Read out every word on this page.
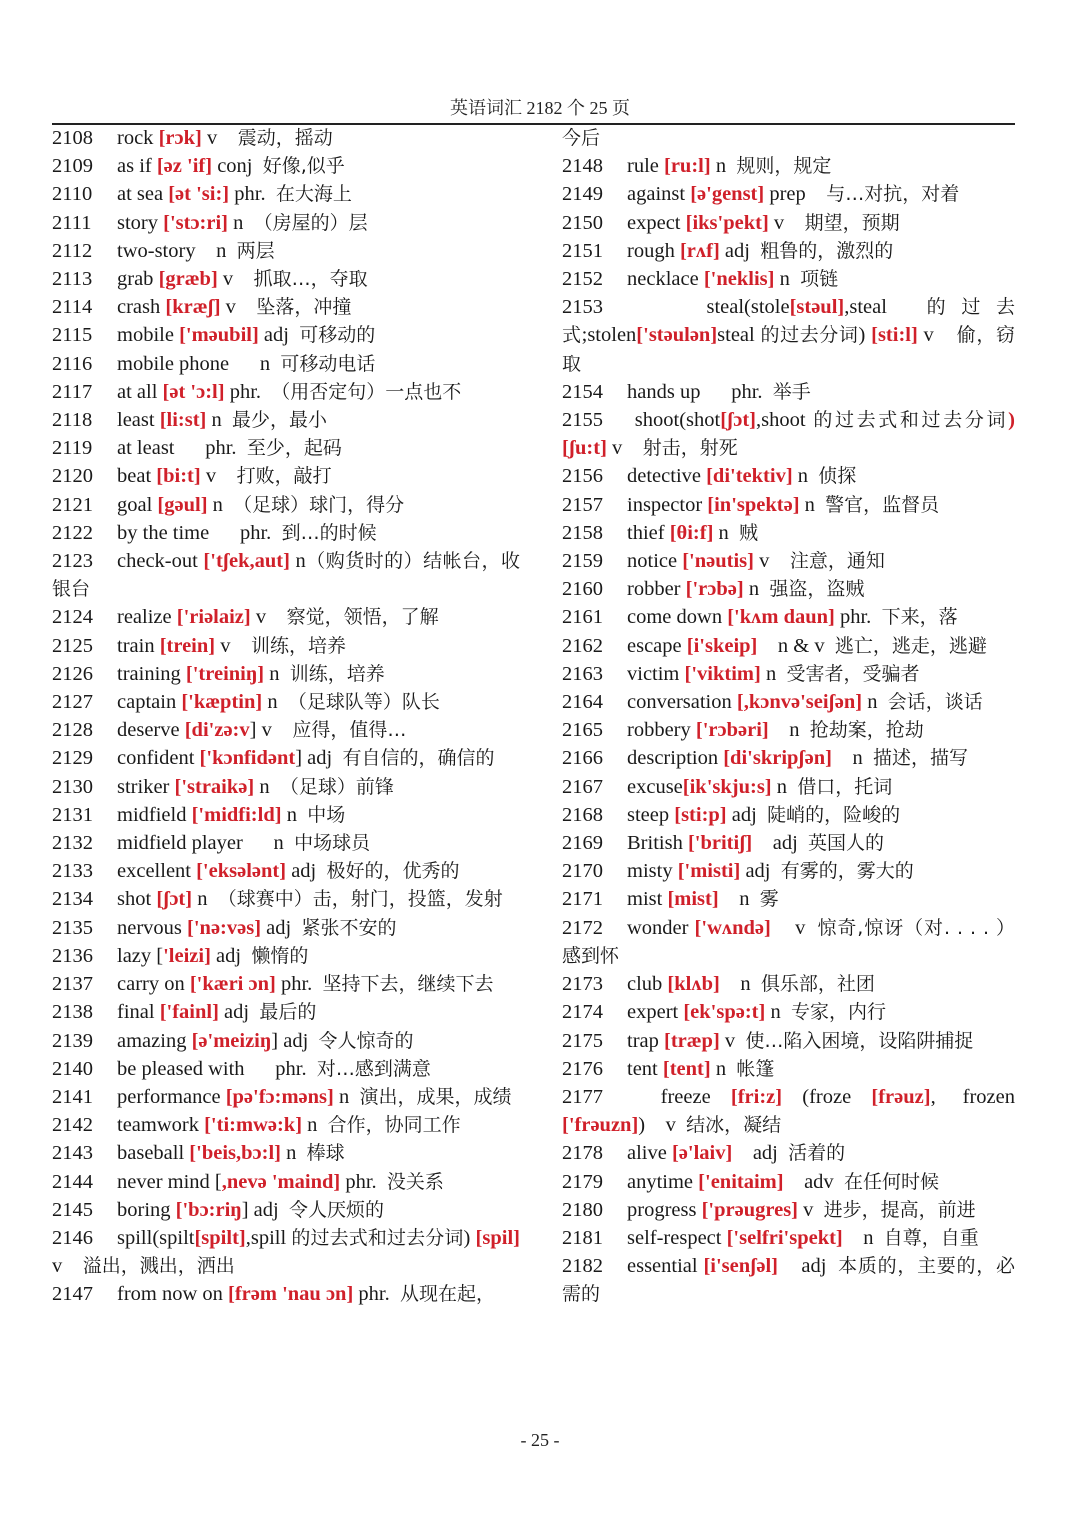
英语词汇 2182 个 25 页
2108 rock [rɔk] v    震动，摇动
2109 as if [əz 'if] conj  好像,似乎
2110 at sea [ət 'si:] phr.  在大海上
2111 story ['stɔ:ri] n  （房屋的）层
2112 two-story    n  两层
2113 grab [græb] v    抓取…，夺取
2114 crash [kræʃ] v    坠落，冲撞
2115 mobile ['məubil] adj  可移动的
2116 mobile phone      n  可移动电话
2117 at all [ət 'ɔ:l] phr.  （用否定句）一点也不
2118 least [li:st] n  最少，最小
2119 at least      phr.  至少，起码
2120 beat [bi:t] v    打败，敲打
2121 goal [gəul] n  （足球）球门，得分
2122 by the time      phr.  到…的时候
2123 check-out ['tʃek,aut] n（购货时的）结帐台，收银台
2124 realize ['riəlaiz] v    察觉，领悟，了解
2125 train [trein] v    训练，培养
2126 training ['treiniŋ] n  训练，培养
2127 captain ['kæptin] n  （足球队等）队长
2128 deserve [di'zə:v] v    应得，值得…
2129 confident ['kɔnfidənt] adj  有自信的，确信的
2130 striker ['straikə] n  （足球）前锋
2131 midfield ['midfi:ld] n  中场
2132 midfield player      n  中场球员
2133 excellent ['eksələnt] adj  极好的，优秀的
2134 shot [ʃɔt] n  （球赛中）击，射门，投篮，发射
2135 nervous ['nə:vəs] adj  紧张不安的
2136 lazy ['leizi] adj  懒惰的
2137 carry on ['kæri ɔn] phr.  坚持下去，继续下去
2138 final ['fainl] adj  最后的
2139 amazing [ə'meiziŋ] adj  令人惊奇的
2140 be pleased with      phr.  对…感到满意
2141 performance [pə'fɔ:məns] n  演出，成果，成绩
2142 teamwork ['ti:mwə:k] n  合作，协同工作
2143 baseball ['beis,bɔ:l] n  棒球
2144 never mind [,nevə 'maind] phr.  没关系
2145 boring ['bɔ:riŋ] adj  令人厌烦的
2146 spill(spilt[spilt],spill 的过去式和过去分词) [spil] v    溢出，溅出，洒出
2147 from now on [frəm 'nau ɔn] phr.  从现在起，
今后
2148 rule [ru:l] n  规则，规定
2149 against [ə'genst] prep    与…对抗，对着
2150 expect [iks'pekt] v    期望，预期
2151 rough [rʌf] adj  粗鲁的，激烈的
2152 necklace ['neklis] n  项链
2153        steal(stole[stəul],steal    的 过 去 式;stolen['stəulən]steal 的过去分词) [sti:l] v    偷，窃取
2154 hands up      phr.  举手
2155 shoot(shot[ʃɔt],shoot 的过去式和过去分词)[ʃu:t] v    射击，射死
2156 detective [di'tektiv] n  侦探
2157 inspector [in'spektə] n  警官，监督员
2158 thief [θi:f] n  贼
2159 notice ['nəutis] v    注意，通知
2160 robber ['rɔbə] n  强盗，盗贼
2161 come down ['kʌm daun] phr.  下来，落
2162 escape [i'skeip]    n & v  逃亡，逃走，逃避
2163 victim ['viktim] n  受害者，受骗者
2164 conversation [,kɔnvə'seiʃən] n  会话，谈话
2165 robbery ['rɔbəri]    n  抢劫案，抢劫
2166 description [di'skripʃən]    n  描述，描写
2167 excuse[ik'skju:s] n  借口，托词
2168 steep [sti:p] adj  陡峭的，险峻的
2169 British ['britiʃ]    adj  英国人的
2170 misty ['misti] adj  有雾的，雾大的
2171 mist [mist]    n  雾
2172 wonder ['wʌndə]    v  惊奇,惊讶（对. . . . ）感到怀
2173 club [klʌb]    n  俱乐部，社团
2174 expert [ek'spə:t] n  专家，内行
2175 trap [træp] v  使…陷入困境，设陷阱捕捉
2176 tent [tent] n  帐篷
2177     freeze   [fri:z]   (froze   [frəuz],    frozen ['frəuzn])    v  结冰，凝结
2178 alive [ə'laiv]    adj  活着的
2179 anytime ['enitaim]    adv  在任何时候
2180 progress ['prəugres] v  进步，提高，前进
2181 self-respect ['selfri'spekt]    n  自尊，自重
2182 essential [i'senʃəl]    adj  本质的，主要的，必需的
- 25 -
